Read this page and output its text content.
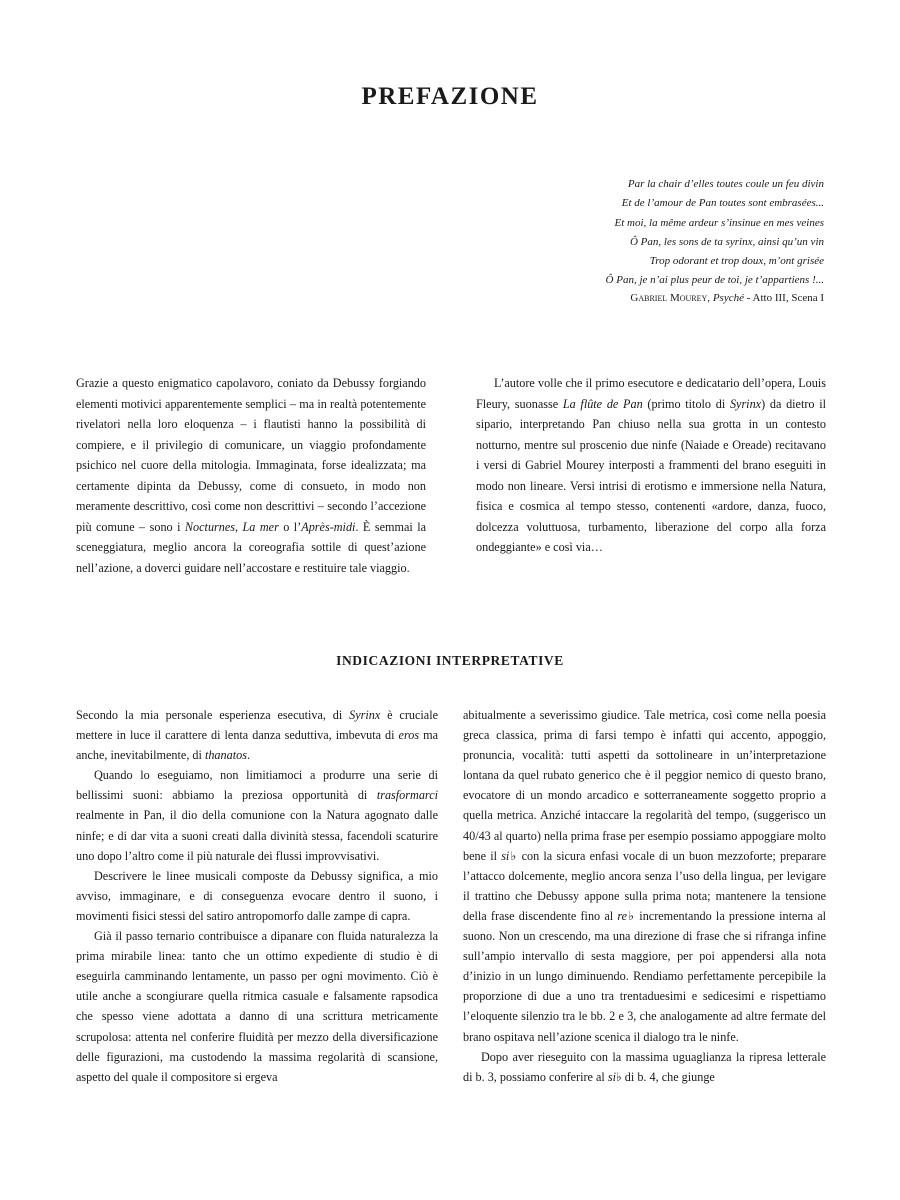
PREFAZIONE
Par la chair d’elles toutes coule un feu divin
Et de l’amour de Pan toutes sont embrasées...
Et moi, la même ardeur s’insinue en mes veines
Ô Pan, les sons de ta syrinx, ainsi qu’un vin
Trop odorant et trop doux, m’ont grisée
Ô Pan, je n’ai plus peur de toi, je t’appartiens !...
Gabriel Mourey, Psyché - Atto III, Scena I

Grazie a questo enigmatico capolavoro, coniato da Debussy forgiando elementi motivici apparentemente semplici – ma in realtà potentemente rivelatori nella loro eloquenza – i flautisti hanno la possibilità di compiere, e il privilegio di comunicare, un viaggio profondamente psichico nel cuore della mitologia. Immaginata, forse idealizzata; ma certamente dipinta da Debussy, come di consueto, in modo non meramente descrittivo, così come non descrittivi – secondo l’accezione più comune – sono i Nocturnes, La mer o l’Après-midi. È semmai la sceneggiatura, meglio ancora la coreografia sottile di quest’azione nell’azione, a doverci guidare nell’accostare e restituire tale viaggio.

L’autore volle che il primo esecutore e dedicatario dell’opera, Louis Fleury, suonasse La flûte de Pan (primo titolo di Syrinx) da dietro il sipario, interpretando Pan chiuso nella sua grotta in un contesto notturno, mentre sul proscenio due ninfe (Naiade e Oreade) recitavano i versi di Gabriel Mourey interposti a frammenti del brano eseguiti in modo non lineare. Versi intrisi di erotismo e immersione nella Natura, fisica e cosmica al tempo stesso, contenenti «ardore, danza, fuoco, dolcezza voluttuosa, turbamento, liberazione del corpo alla forza ondeggiante» e così via…

INDICAZIONI INTERPRETATIVE

Secondo la mia personale esperienza esecutiva, di Syrinx è cruciale mettere in luce il carattere di lenta danza seduttiva, imbevuta di eros ma anche, inevitabilmente, di thanatos.

Quando lo eseguiamo, non limitiamoci a produrre una serie di bellissimi suoni: abbiamo la preziosa opportunità di trasformarci realmente in Pan, il dio della comunione con la Natura agognato dalle ninfe; e di dar vita a suoni creati dalla divinità stessa, facendoli scaturire uno dopo l’altro come il più naturale dei flussi improvvisativi.

Descrivere le linee musicali composte da Debussy significa, a mio avviso, immaginare, e di conseguenza evocare dentro il suono, i movimenti fisici stessi del satiro antropomorfo dalle zampe di capra.

Già il passo ternario contribuisce a dipanare con fluida naturalezza la prima mirabile linea: tanto che un ottimo expediente di studio è di eseguirla camminando lentamente, un passo per ogni movimento. Ciò è utile anche a scongiurare quella ritmica casuale e falsamente rapsodica che spesso viene adottata a danno di una scrittura metricamente scrupolosa: attenta nel conferire fluidità per mezzo della diversificazione delle figurazioni, ma custodendo la massima regolarità di scansione, aspetto del quale il compositore si ergeva

abitualmente a severissimo giudice. Tale metrica, così come nella poesia greca classica, prima di farsi tempo è infatti qui accento, appoggio, pronuncia, vocalità: tutti aspetti da sottolineare in un’interpretazione lontana da quel rubato generico che è il peggior nemico di questo brano, evocatore di un mondo arcadico e sotterraneamente soggetto proprio a quella metrica. Anziché intaccare la regolarità del tempo, (suggerisco un 40/43 al quarto) nella prima frase per esempio possiamo appoggiare molto bene il si♭ con la sicura enfasi vocale di un buon mezzoforte; preparare l’attacco dolcemente, meglio ancora senza l’uso della lingua, per levigare il trattino che Debussy appone sulla prima nota; mantenere la tensione della frase discendente fino al re♭ incrementando la pressione interna al suono. Non un crescendo, ma una direzione di frase che si rifranga infine sull’ampio intervallo di sesta maggiore, per poi appendersi alla nota d’inizio in un lungo diminuendo. Rendiamo perfettamente percepibile la proporzione di due a uno tra trentaduesimi e sedicesimi e rispettiamo l’eloquente silenzio tra le bb. 2 e 3, che analogamente ad altre fermate del brano ospitava nell’azione scenica il dialogo tra le ninfe.

Dopo aver rieseguito con la massima uguaglianza la ripresa letterale di b. 3, possiamo conferire al si♭ di b. 4, che giunge
